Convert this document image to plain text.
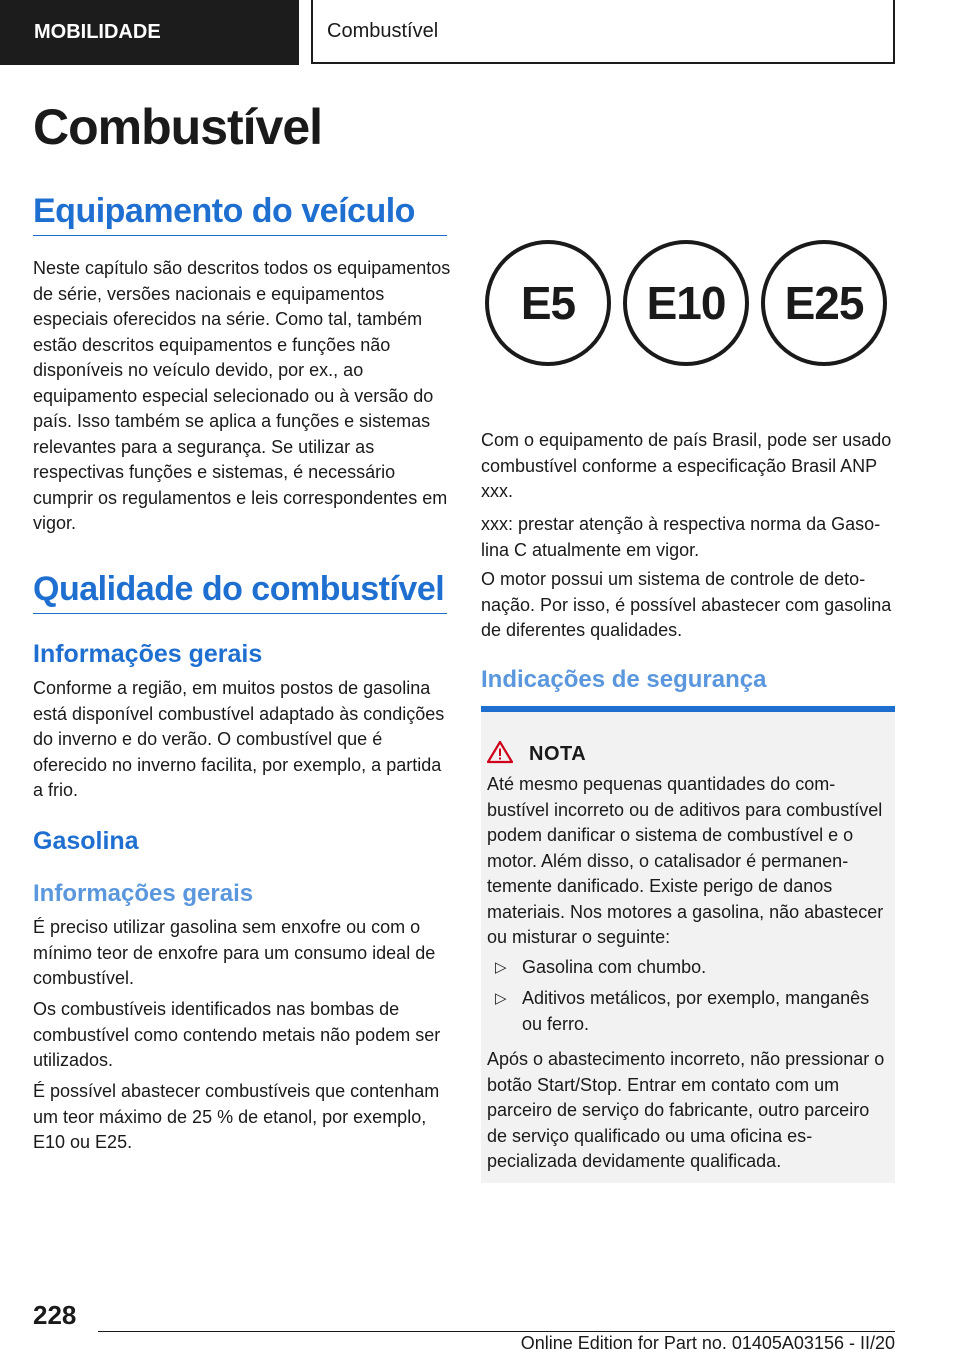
MOBILIDADE	Combustível
Combustível
Equipamento do veículo

Neste capítulo são descritos todos os equipamentos de série, versões nacionais e equipamentos especiais oferecidos na série. Como tal, também estão descritos equipamentos e funções não disponíveis no veículo devido, por ex., ao equipamento especial selecionado ou à versão do país. Isso também se aplica a funções e sistemas relevantes para a segurança. Se utilizar as respectivas funções e sistemas, é necessário cumprir os regulamentos e leis correspondentes em vigor.

Qualidade do combustível
Informações gerais

Conforme a região, em muitos postos de gasolina está disponível combustível adaptado às condições do inverno e do verão. O combustível que é oferecido no inverno facilita, por exemplo, a partida a frio.

Gasolina
Informações gerais

É preciso utilizar gasolina sem enxofre ou com o mínimo teor de enxofre para um consumo ideal de combustível.

Os combustíveis identificados nas bombas de combustível como contendo metais não podem ser utilizados.

É possível abastecer combustíveis que contenham um teor máximo de 25 % de etanol, por exemplo, E10 ou E25.

E5	E10	E25

Com o equipamento de país Brasil, pode ser usado combustível conforme a especificação Brasil ANP xxx.

xxx: prestar atenção à respectiva norma da Gasolina C atualmente em vigor.

O motor possui um sistema de controle de detonação. Por isso, é possível abastecer com gasolina de diferentes qualidades.

Indicações de segurança
NOTA

Até mesmo pequenas quantidades do combustível incorreto ou de aditivos para combustível podem danificar o sistema de combustível e o motor. Além disso, o catalisador é permanentemente danificado. Existe perigo de danos materiais. Nos motores a gasolina, não abastecer ou misturar o seguinte:

▷ Gasolina com chumbo.
▷ Aditivos metálicos, por exemplo, manganês ou ferro.

Após o abastecimento incorreto, não pressionar o botão Start/Stop. Entrar em contato com um parceiro de serviço do fabricante, outro parceiro de serviço qualificado ou uma oficina especializada devidamente qualificada.

228
Online Edition for Part no. 01405A03156 - II/20
